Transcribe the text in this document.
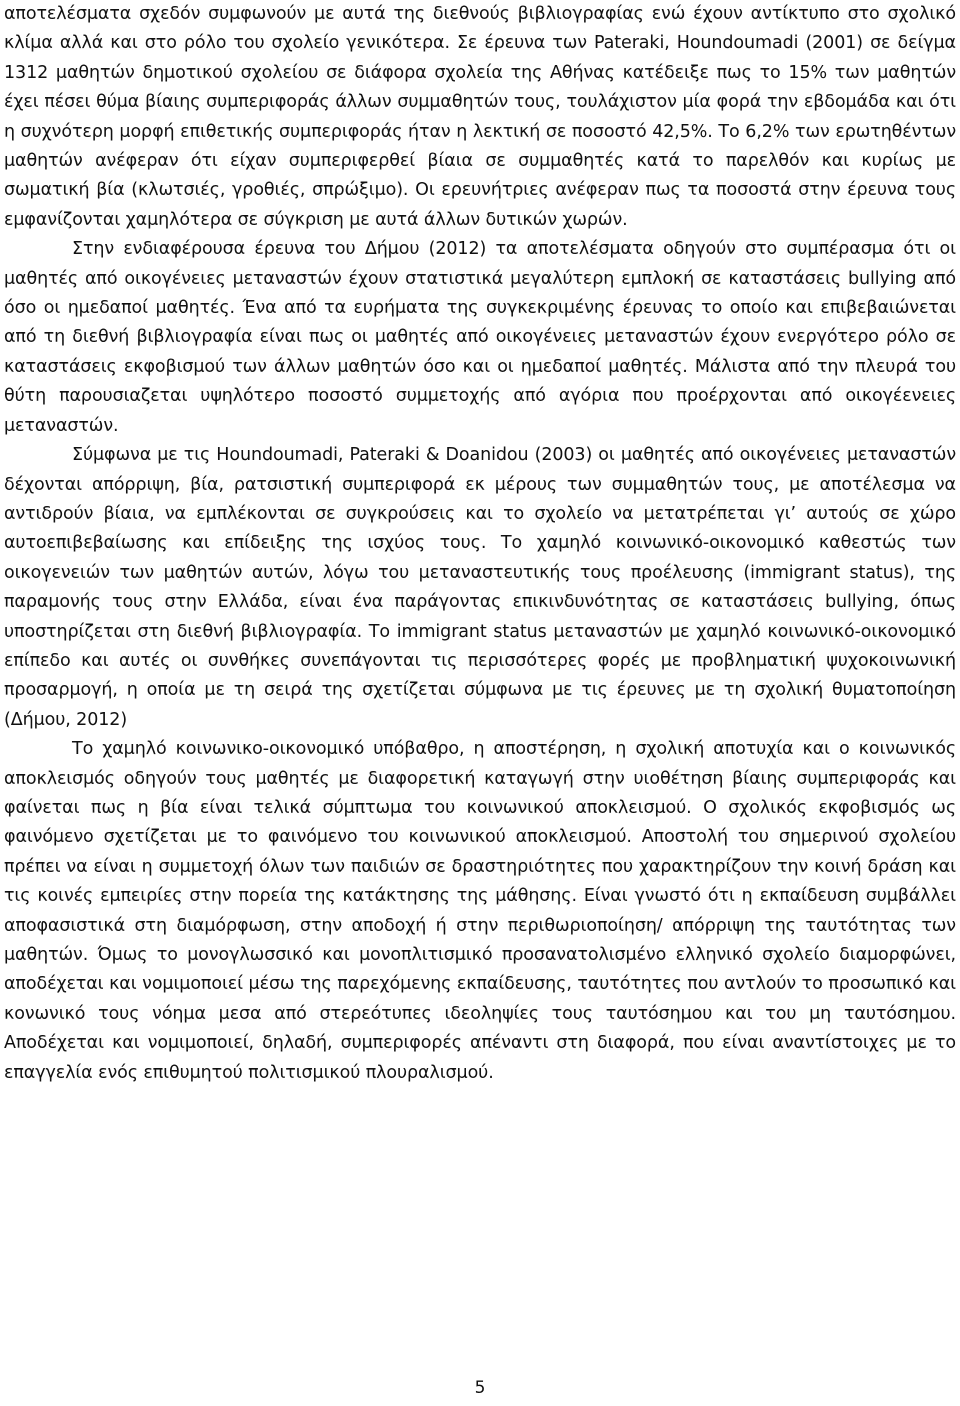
αποτελέσματα σχεδόν συμφωνούν με αυτά της διεθνούς βιβλιογραφίας ενώ έχουν αντίκτυπο στο σχολικό κλίμα αλλά και στο ρόλο του σχολείο γενικότερα. Σε έρευνα των Pateraki, Houndoumadi (2001) σε δείγμα 1312 μαθητών δημοτικού σχολείου σε διάφορα σχολεία της Αθήνας κατέδειξε πως το 15% των μαθητών έχει πέσει θύμα βίαιης συμπεριφοράς άλλων συμμαθητών τους, τουλάχιστον μία φορά την εβδομάδα και ότι η συχνότερη μορφή επιθετικής συμπεριφοράς ήταν η λεκτική σε ποσοστό 42,5%. Το 6,2% των ερωτηθέντων μαθητών ανέφεραν ότι είχαν συμπεριφερθεί βίαια σε συμμαθητές κατά το παρελθόν και κυρίως με σωματική βία (κλωτσιές, γροθιές, σπρώξιμο). Οι ερευνήτριες ανέφεραν πως τα ποσοστά στην έρευνα τους εμφανίζονται χαμηλότερα σε σύγκριση με αυτά άλλων δυτικών χωρών.

Στην ενδιαφέρουσα έρευνα του Δήμου (2012) τα αποτελέσματα οδηγούν στο συμπέρασμα ότι οι μαθητές από οικογένειες μεταναστών έχουν στατιστικά μεγαλύτερη εμπλοκή σε καταστάσεις bullying από όσο οι ημεδαποί μαθητές. Ένα από τα ευρήματα της συγκεκριμένης έρευνας το οποίο και επιβεβαιώνεται από τη διεθνή βιβλιογραφία είναι πως οι μαθητές από οικογένειες μεταναστών έχουν ενεργότερο ρόλο σε καταστάσεις εκφοβισμού των άλλων μαθητών όσο και οι ημεδαποί μαθητές. Μάλιστα από την πλευρά του θύτη παρουσιαζεται υψηλότερο ποσοστό συμμετοχής από αγόρια που προέρχονται από οικογέενειες μεταναστών.

Σύμφωνα με τις Houndoumadi, Pateraki & Doanidou (2003) οι μαθητές από οικογένειες μεταναστών δέχονται απόρριψη, βία, ρατσιστική συμπεριφορά εκ μέρους των συμμαθητών τους, με αποτέλεσμα να αντιδρούν βίαια, να εμπλέκονται σε συγκρούσεις και το σχολείο να μετατρέπεται γι’ αυτούς σε χώρο αυτοεπιβεβαίωσης και επίδειξης της ισχύος τους. Το χαμηλό κοινωνικό-οικονομικό καθεστώς των οικογενειών των μαθητών αυτών, λόγω του μεταναστευτικής τους προέλευσης (immigrant status), της παραμονής τους στην Ελλάδα, είναι ένα παράγοντας επικινδυνότητας σε καταστάσεις bullying, όπως υποστηρίζεται στη διεθνή βιβλιογραφία. Το immigrant status μεταναστών με χαμηλό κοινωνικό-οικονομικό επίπεδο και αυτές οι συνθήκες συνεπάγονται τις περισσότερες φορές με προβληματική ψυχοκοινωνική προσαρμογή, η οποία με τη σειρά της σχετίζεται σύμφωνα με τις έρευνες με τη σχολική θυματοποίηση (Δήμου, 2012)

Το χαμηλό κοινωνικο-οικονομικό υπόβαθρο, η αποστέρηση, η σχολική αποτυχία και ο κοινωνικός αποκλεισμός οδηγούν τους μαθητές με διαφορετική καταγωγή στην υιοθέτηση βίαιης συμπεριφοράς και φαίνεται πως η βία είναι τελικά σύμπτωμα του κοινωνικού αποκλεισμού. Ο σχολικός εκφοβισμός ως φαινόμενο σχετίζεται με το φαινόμενο του κοινωνικού αποκλεισμού. Αποστολή του σημερινού σχολείου πρέπει να είναι η συμμετοχή όλων των παιδιών σε δραστηριότητες που χαρακτηρίζουν την κοινή δράση και τις κοινές εμπειρίες στην πορεία της κατάκτησης της μάθησης. Είναι γνωστό ότι η εκπαίδευση συμβάλλει αποφασιστικά στη διαμόρφωση, στην αποδοχή ή στην περιθωριοποίηση/ απόρριψη της ταυτότητας των μαθητών. Όμως το μονογλωσσικό και μονοπλιτισμικό προσανατολισμένο ελληνικό σχολείο διαμορφώνει, αποδέχεται και νομιμοποιεί μέσω της παρεχόμενης εκπαίδευσης, ταυτότητες που αντλούν το προσωπικό και κονωνικό τους νόημα μεσα από στερεότυπες ιδεοληψίες τους ταυτόσημου και του μη ταυτόσημου. Αποδέχεται και νομιμοποιεί, δηλαδή, συμπεριφορές απέναντι στη διαφορά, που είναι αναντίστοιχες με το επαγγελία ενός επιθυμητού πολιτισμικού πλουραλισμού.

5
